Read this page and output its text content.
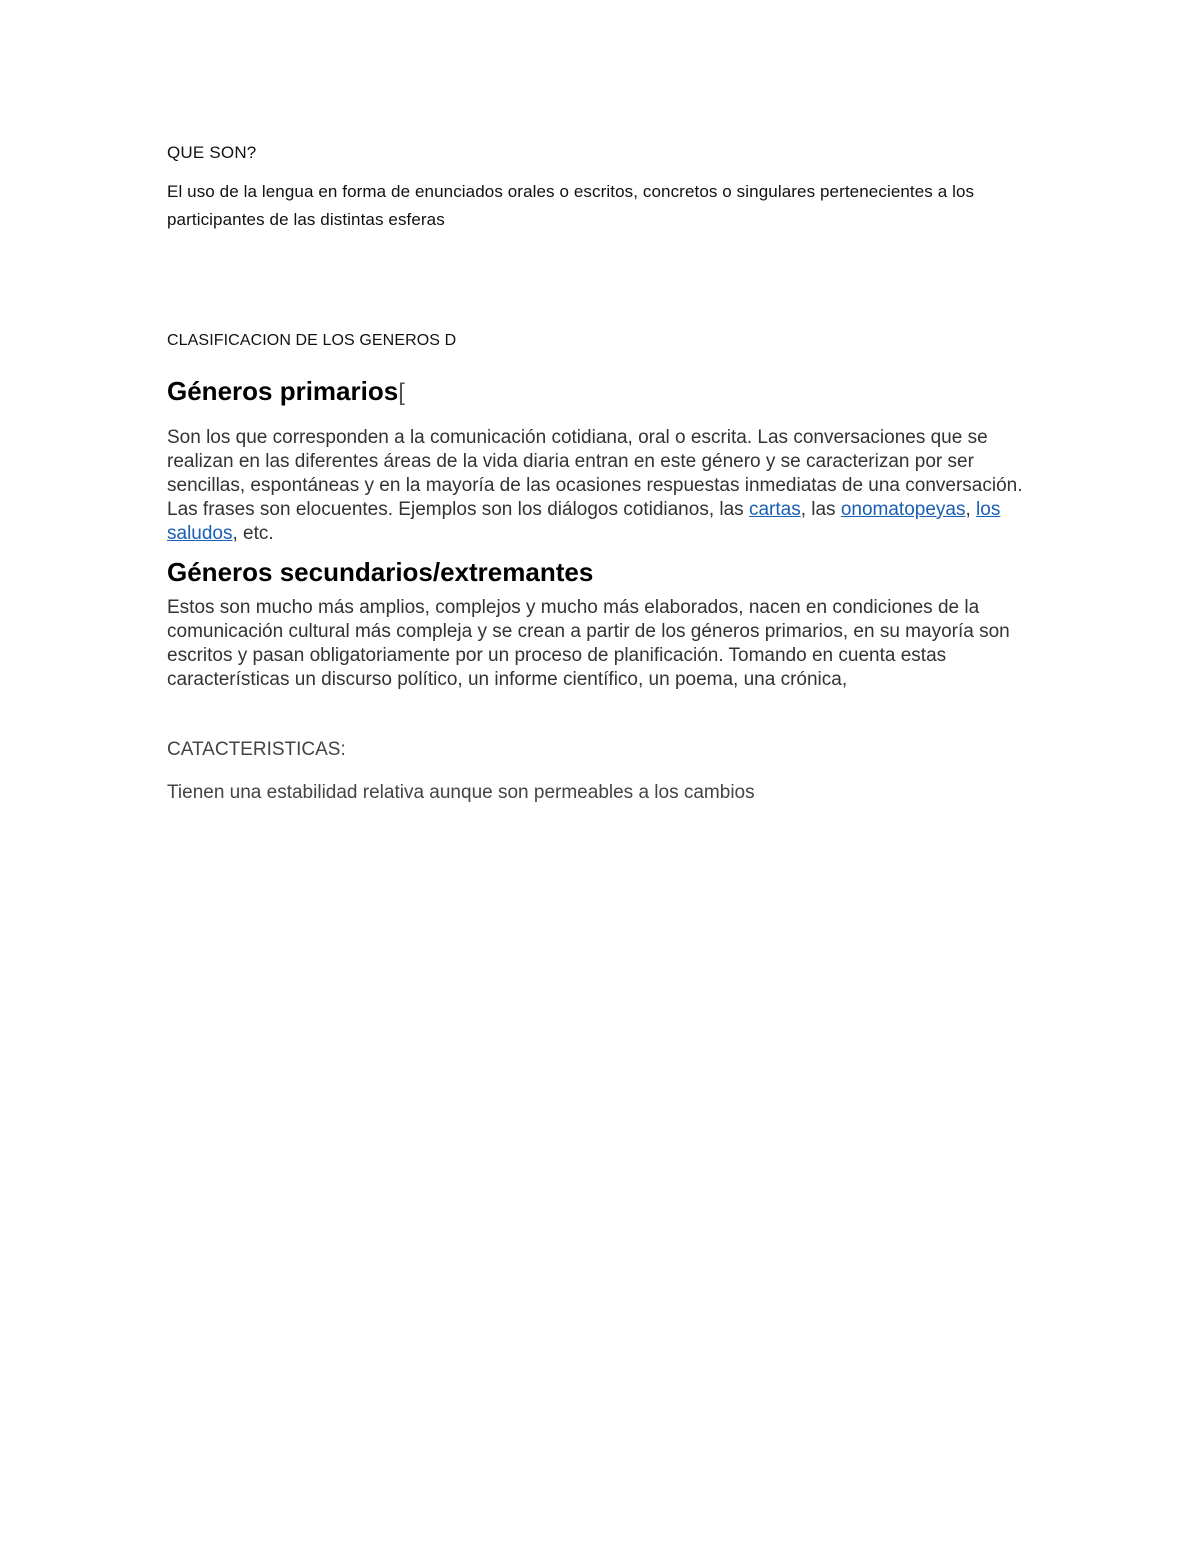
QUE SON?

El uso de la lengua en forma de enunciados orales o escritos, concretos o singulares pertenecientes a los participantes de las distintas esferas

CLASIFICACION DE LOS GENEROS D

Géneros primarios[

Son los que corresponden a la comunicación cotidiana, oral o escrita. Las conversaciones que se realizan en las diferentes áreas de la vida diaria entran en este género y se caracterizan por ser sencillas, espontáneas y en la mayoría de las ocasiones respuestas inmediatas de una conversación. Las frases son elocuentes. Ejemplos son los diálogos cotidianos, las cartas, las onomatopeyas, los saludos, etc.

Géneros secundarios/extremantes

Estos son mucho más amplios, complejos y mucho más elaborados, nacen en condiciones de la comunicación cultural más compleja y se crean a partir de los géneros primarios, en su mayoría son escritos y pasan obligatoriamente por un proceso de planificación. Tomando en cuenta estas características un discurso político, un informe científico, un poema, una crónica,

CATACTERISTICAS:

Tienen una estabilidad relativa aunque son permeables a los cambios
